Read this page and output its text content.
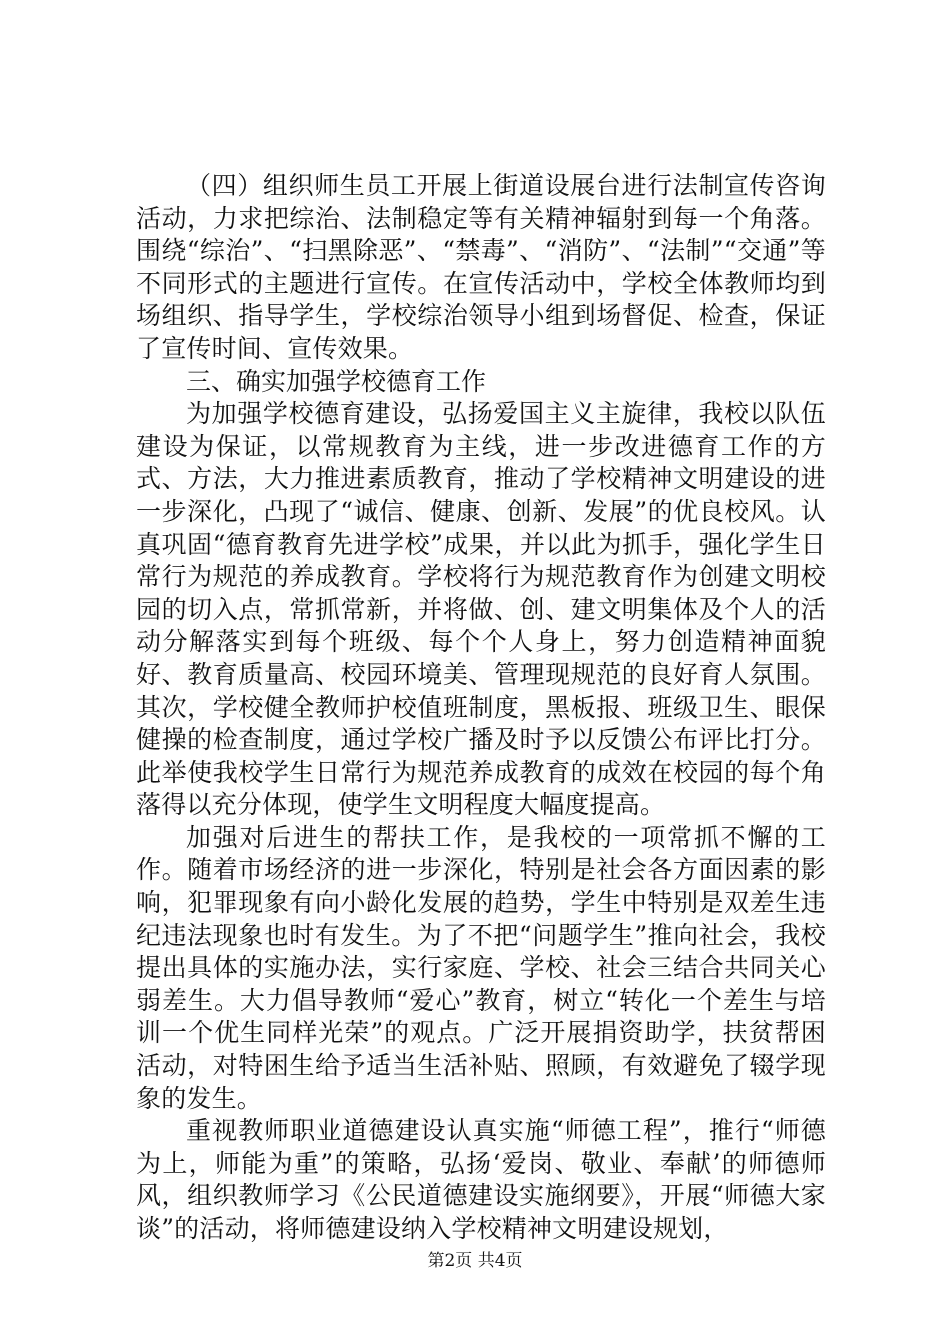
（四）组织师生员工开展上街道设展台进行法制宣传咨询活动，力求把综治、法制稳定等有关精神辐射到每一个角落。围绕“综治”、“扫黑除恶”、“禁毒”、“消防”、“法制”“交通”等不同形式的主题进行宣传。在宣传活动中，学校全体教师均到场组织、指导学生，学校综治领导小组到场督促、检查，保证了宣传时间、宣传效果。

三、确实加强学校德育工作

为加强学校德育建设，弘扬爱国主义主旋律，我校以队伍建设为保证，以常规教育为主线，进一步改进德育工作的方式、方法，大力推进素质教育，推动了学校精神文明建设的进一步深化，凸现了“诚信、健康、创新、发展”的优良校风。认真巩固“德育教育先进学校”成果，并以此为抓手，强化学生日常行为规范的养成教育。学校将行为规范教育作为创建文明校园的切入点，常抓常新，并将做、创、建文明集体及个人的活动分解落实到每个班级、每个个人身上，努力创造精神面貌好、教育质量高、校园环境美、管理现规范的良好育人氛围。其次，学校健全教师护校值班制度，黑板报、班级卫生、眼保健操的检查制度，通过学校广播及时予以反馈公布评比打分。此举使我校学生日常行为规范养成教育的成效在校园的每个角落得以充分体现，使学生文明程度大幅度提高。

加强对后进生的帮扶工作，是我校的一项常抓不懈的工作。随着市场经济的进一步深化，特别是社会各方面因素的影响，犯罪现象有向小龄化发展的趋势，学生中特别是双差生违纪违法现象也时有发生。为了不把“问题学生”推向社会，我校提出具体的实施办法，实行家庭、学校、社会三结合共同关心弱差生。大力倡导教师“爱心”教育，树立“转化一个差生与培训一个优生同样光荣”的观点。广泛开展捐资助学，扶贫帮困活动，对特困生给予适当生活补贴、照顾，有效避免了辍学现象的发生。

重视教师职业道德建设认真实施“师德工程”，推行“师德为上，师能为重”的策略，弘扬‘爱岗、敬业、奉献’的师德师风，组织教师学习《公民道德建设实施纲要》，开展“师德大家谈”的活动，将师德建设纳入学校精神文明建设规划，

第2页 共4页
